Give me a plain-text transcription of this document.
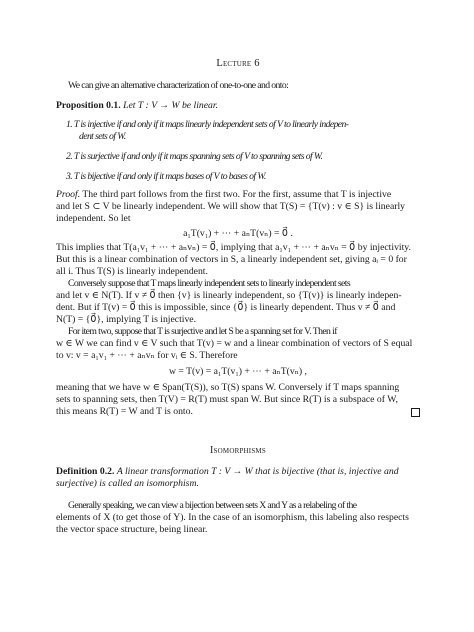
Lecture 6
We can give an alternative characterization of one-to-one and onto:
Proposition 0.1. Let T : V → W be linear.
1. T is injective if and only if it maps linearly independent sets of V to linearly indepen-
dent sets of W.
2. T is surjective if and only if it maps spanning sets of V to spanning sets of W.
3. T is bijective if and only if it maps bases of V to bases of W.
Proof. The third part follows from the first two. For the first, assume that T is injective
and let S ⊂ V be linearly independent. We will show that T(S) = {T(v) : v ∈ S} is linearly
independent. So let
a₁T(v₁) + ⋯ + aₙT(vₙ) = 0⃗ .
This implies that T(a₁v₁ + ⋯ + aₙvₙ) = 0⃗, implying that a₁v₁ + ⋯ + aₙvₙ = 0⃗ by injectivity.
But this is a linear combination of vectors in S, a linearly independent set, giving aᵢ = 0 for
all i. Thus T(S) is linearly independent.
Conversely suppose that T maps linearly independent sets to linearly independent sets
and let v ∈ N(T). If v ≠ 0⃗ then {v} is linearly independent, so {T(v)} is linearly indepen-
dent. But if T(v) = 0⃗ this is impossible, since {0⃗} is linearly dependent. Thus v ≠ 0⃗ and
N(T) = {0⃗}, implying T is injective.
For item two, suppose that T is surjective and let S be a spanning set for V. Then if
w ∈ W we can find v ∈ V such that T(v) = w and a linear combination of vectors of S equal
to v: v = a₁v₁ + ⋯ + aₙvₙ for vᵢ ∈ S. Therefore
w = T(v) = a₁T(v₁) + ⋯ + aₙT(vₙ) ,
meaning that we have w ∈ Span(T(S)), so T(S) spans W. Conversely if T maps spanning
sets to spanning sets, then T(V) = R(T) must span W. But since R(T) is a subspace of W,
this means R(T) = W and T is onto.
Isomorphisms
Definition 0.2. A linear transformation T : V → W that is bijective (that is, injective and
surjective) is called an isomorphism.
Generally speaking, we can view a bijection between sets X and Y as a relabeling of the
elements of X (to get those of Y). In the case of an isomorphism, this labeling also respects
the vector space structure, being linear.
